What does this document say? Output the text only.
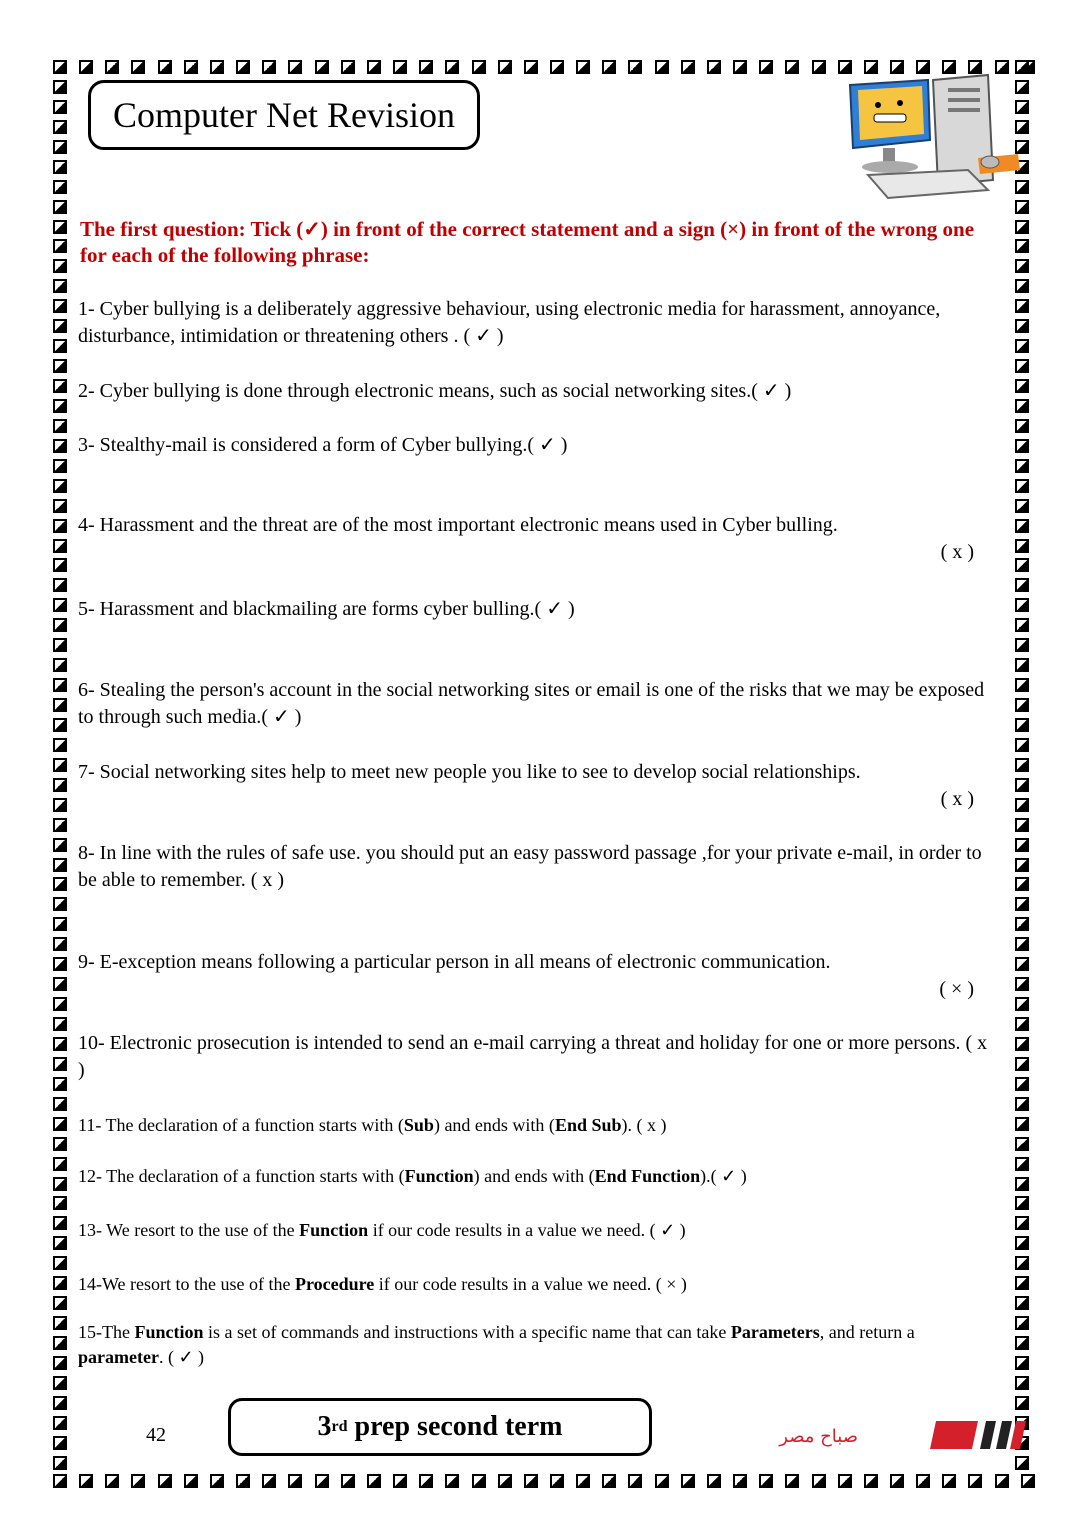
Computer Net Revision
The first question: Tick (✓) in front of the correct statement and a sign (×) in front of the wrong one for each of the following phrase:
1- Cyber bullying is a deliberately aggressive behaviour, using electronic media for harassment, annoyance, disturbance, intimidation or threatening others . ( ✓ )
2- Cyber bullying is done through electronic means, such as social networking sites.( ✓ )
3- Stealthy-mail is considered a form of Cyber bullying.( ✓ )
4- Harassment and the threat are of the most important electronic means used in Cyber bulling.
( x )
5- Harassment and blackmailing are forms cyber bulling.( ✓ )
6- Stealing the person's account in the social networking sites or email is one of the risks that we may be exposed to through such media.( ✓ )
7- Social networking sites help to meet new people you like to see to develop social relationships.
( x )
8- In line with the rules of safe use. you should put an easy password passage ,for your private e-mail, in order to be able to remember. ( x )
9- E-exception means following a particular person in all means of electronic communication.
( × )
10- Electronic prosecution is intended to send an e-mail carrying a threat and holiday for one or more persons. ( x )
11- The declaration of a function starts with (Sub) and ends with (End Sub). ( x )
12- The declaration of a function starts with (Function) and ends with (End Function).( ✓ )
13- We resort to the use of the Function if our code results in a value we need. ( ✓ )
14-We resort to the use of the Procedure if our code results in a value we need. ( × )
15-The Function is a set of commands and instructions with a specific name that can take Parameters, and return a parameter. ( ✓ )
42	3 rd prep second term	صباح مصر
